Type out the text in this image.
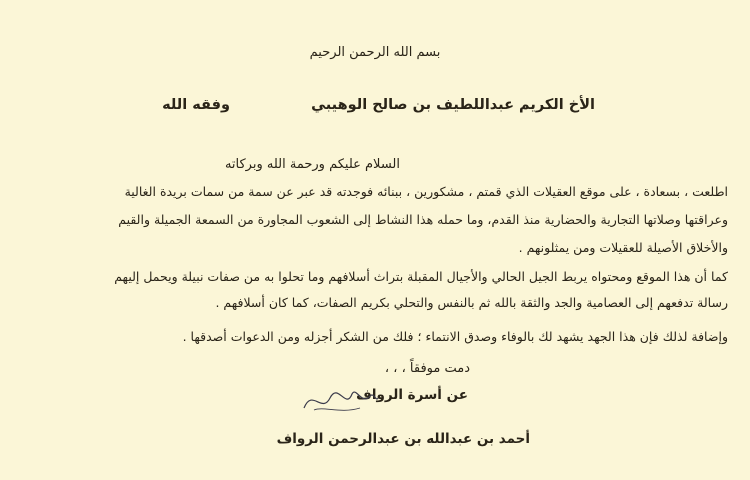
بسم الله الرحمن الرحيم
الأخ الكريم عبداللطيف بن صالح الوهيبي
وفقه الله
السلام عليكم ورحمة الله وبركاته
اطلعت ، بسعادة ، على موقع العقيلات الذي قمتم ، مشكورين ، ببنائه فوجدته قد عبر عن سمة من سمات بريدة الغالية
وعراقتها وصلاتها التجارية والحضارية منذ القدم، وما حمله هذا النشاط إلى الشعوب المجاورة من السمعة الجميلة والقيم
والأخلاق الأصيلة للعقيلات ومن يمثلونهم .
كما أن هذا الموقع ومحتواه يربط الجيل الحالي والأجيال المقبلة بتراث أسلافهم وما تحلوا به من صفات نبيلة ويحمل إليهم
رسالة تدفعهم إلى العصامية والجد والثقة بالله ثم بالنفس والتحلي بكريم الصفات، كما كان أسلافهم .
وإضافة لذلك فإن هذا الجهد يشهد لك بالوفاء وصدق الانتماء ؛ فلك من الشكر أجزله ومن الدعوات أصدقها .
دمت موفقاً ، ، ،
عن أسرة الرواف
أحمد بن عبدالله بن عبدالرحمن الرواف
